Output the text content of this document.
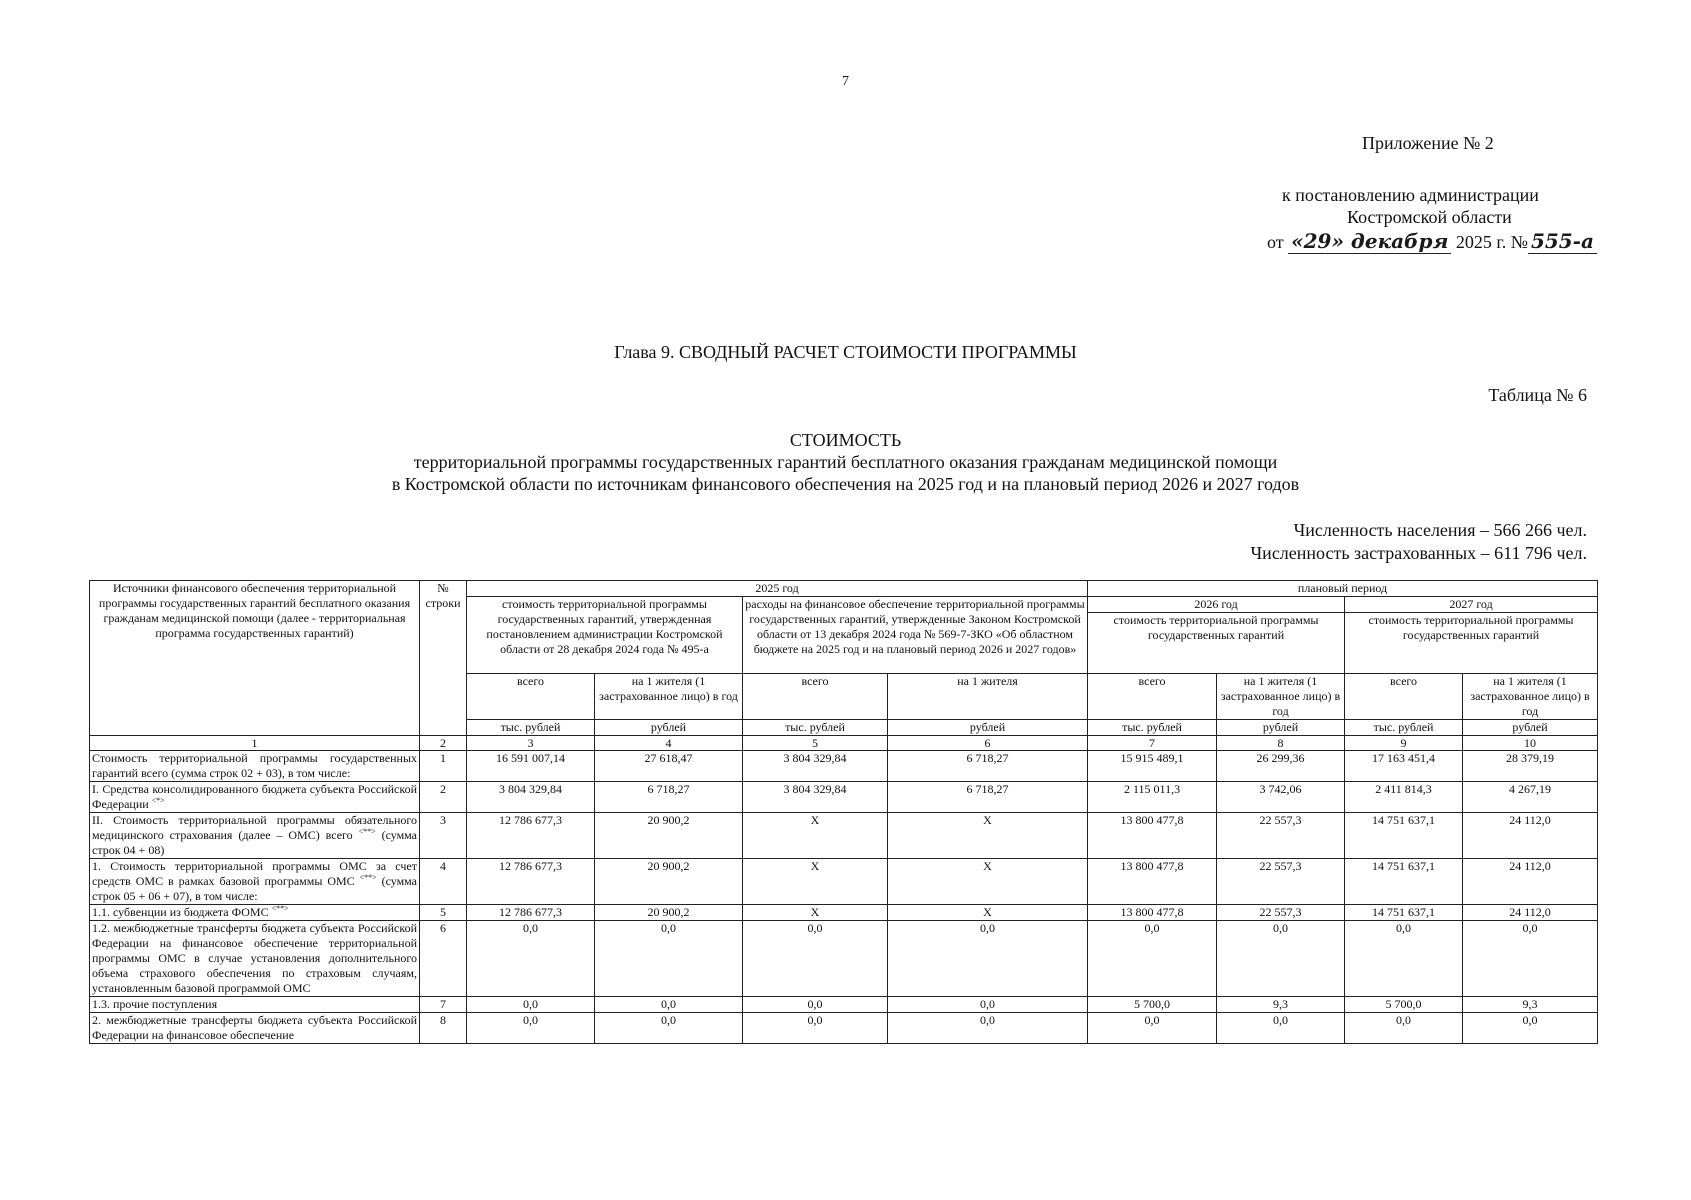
7
Приложение № 2
к постановлению администрации
Костромской области
от «29» декабря 2025 г. № 555-а
Глава 9. СВОДНЫЙ РАСЧЕТ СТОИМОСТИ ПРОГРАММЫ
Таблица № 6
СТОИМОСТЬ
территориальной программы государственных гарантий бесплатного оказания гражданам медицинской помощи
в Костромской области по источникам финансового обеспечения на 2025 год и на плановый период 2026 и 2027 годов
Численность населения – 566 266 чел.
Численность застрахованных – 611 796 чел.
Источники финансового обеспечения территориальной программы государственных гарантий бесплатного оказания гражданам медицинской помощи (далее - территориальная программа государственных гарантий)	№ строки	2025 год				плановый период			
		стоимость территориальной программы государственных гарантий, утвержденная постановлением администрации Костромской области от 28 декабря 2024 года № 495-а		расходы на финансовое обеспечение территориальной программы государственных гарантий, утвержденные Законом Костромской области от 13 декабря 2024 года № 569-7-ЗКО «Об областном бюджете на 2025 год и на плановый период 2026 и 2027 годов»		2026 год		2027 год	
						стоимость территориальной программы государственных гарантий		стоимость территориальной программы государственных гарантий	
		всего	на 1 жителя (1 застрахованное лицо) в год	всего	на 1 жителя	всего	на 1 жителя (1 застрахованное лицо) в год	всего	на 1 жителя (1 застрахованное лицо) в год
		тыс. рублей	рублей	тыс. рублей	рублей	тыс. рублей	рублей	тыс. рублей	рублей
1	2	3	4	5	6	7	8	9	10
Стоимость территориальной программы государственных гарантий всего (сумма строк 02 + 03), в том числе:	1	16 591 007,14	27 618,47	3 804 329,84	6 718,27	15 915 489,1	26 299,36	17 163 451,4	28 379,19
I. Средства консолидированного бюджета субъекта Российской Федерации <*>	2	3 804 329,84	6 718,27	3 804 329,84	6 718,27	2 115 011,3	3 742,06	2 411 814,3	4 267,19
II. Стоимость территориальной программы обязательного медицинского страхования (далее – ОМС) всего <**> (сумма строк 04 + 08)	3	12 786 677,3	20 900,2	Х	Х	13 800 477,8	22 557,3	14 751 637,1	24 112,0
1. Стоимость территориальной программы ОМС за счет средств ОМС в рамках базовой программы ОМС <**> (сумма строк 05 + 06 + 07), в том числе:	4	12 786 677,3	20 900,2	Х	Х	13 800 477,8	22 557,3	14 751 637,1	24 112,0
1.1. субвенции из бюджета ФОМС <**>	5	12 786 677,3	20 900,2	Х	Х	13 800 477,8	22 557,3	14 751 637,1	24 112,0
1.2. межбюджетные трансферты бюджета субъекта Российской Федерации на финансовое обеспечение территориальной программы ОМС в случае установления дополнительного объема страхового обеспечения по страховым случаям, установленным базовой программой ОМС	6	0,0	0,0	0,0	0,0	0,0	0,0	0,0	0,0
1.3. прочие поступления	7	0,0	0,0	0,0	0,0	5 700,0	9,3	5 700,0	9,3
2. межбюджетные трансферты бюджета субъекта Российской Федерации на финансовое обеспечение	8	0,0	0,0	0,0	0,0	0,0	0,0	0,0	0,0
